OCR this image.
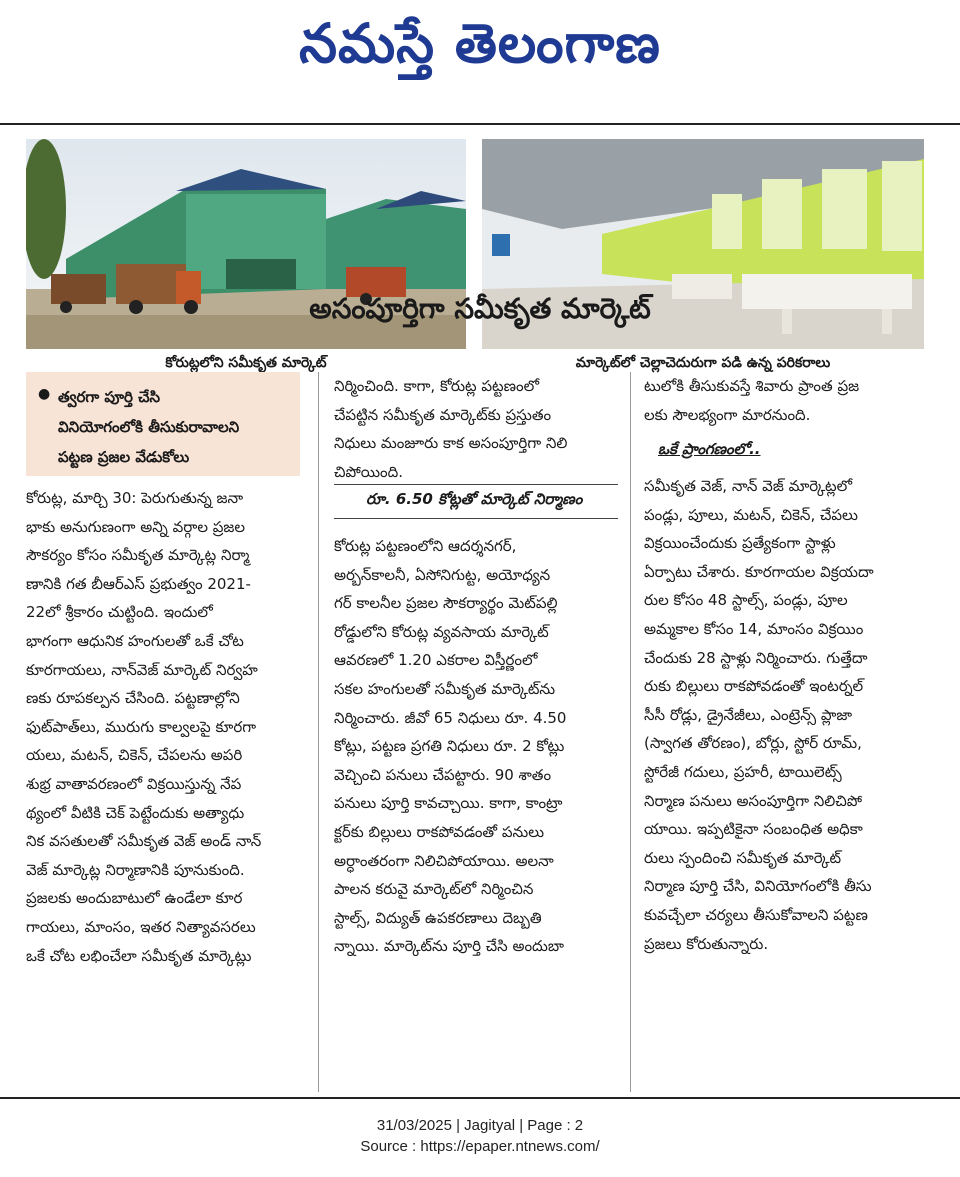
నమస్తే తెలంగాణ
కోరుట్లలోని సమీకృత మార్కెట్	మార్కెట్‌లో చెల్లాచెదురుగా పడి ఉన్న పరికరాలు
అసంపూర్తిగా సమీకృత మార్కెట్
● త్వరగా పూర్తి చేసి
వినియోగంలోకి తీసుకురావాలని
పట్టణ ప్రజల వేడుకోలు

కోరుట్ల, మార్చి 30: పెరుగుతున్న జనా

భాకు అనుగుణంగా అన్ని వర్గాల ప్రజల

సౌకర్యం కోసం సమీకృత మార్కెట్ల నిర్మా

ణానికి గత బీఆర్‌ఎస్ ప్రభుత్వం 2021-

22లో శ్రీకారం చుట్టింది. ఇందులో

భాగంగా ఆధునిక హంగులతో ఒకే చోట

కూరగాయలు, నాన్‌వెజ్ మార్కెట్ నిర్వహ

ణకు రూపకల్పన చేసింది. పట్టణాల్లోని

ఫుట్‌పాత్‌లు, మురుగు కాల్వలపై కూరగా

యలు, మటన్, చికెన్, చేపలను అపరి

శుభ్ర వాతావరణంలో విక్రయిస్తున్న నేప

థ్యంలో వీటికి చెక్ పెట్టేందుకు అత్యాధు

నిక వసతులతో సమీకృత వెజ్ అండ్ నాన్

వెజ్ మార్కెట్ల నిర్మాణానికి పూనుకుంది.

ప్రజలకు అందుబాటులో ఉండేలా కూర

గాయలు, మాంసం, ఇతర నిత్యావసరలు

ఒకే చోట లభించేలా సమీకృత మార్కెట్లు

నిర్మించింది. కాగా, కోరుట్ల పట్టణంలో

చేపట్టిన సమీకృత మార్కెట్‌కు ప్రస్తుతం

నిధులు మంజూరు కాక అసంపూర్తిగా నిలి

చిపోయింది.

రూ. 6.50 కోట్లతో మార్కెట్ నిర్మాణం

కోరుట్ల పట్టణంలోని ఆదర్శనగర్,

అర్బన్‌కాలనీ, ఏసోనిగుట్ట, అయోధ్యన

గర్ కాలనీల ప్రజల సౌకర్యార్థం మెట్‌పల్లి

రోడ్డులోని కోరుట్ల వ్యవసాయ మార్కెట్

ఆవరణలో 1.20 ఎకరాల విస్తీర్ణంలో

సకల హంగులతో సమీకృత మార్కెట్‌ను

నిర్మించారు. జీవో 65 నిధులు రూ. 4.50

కోట్లు, పట్టణ ప్రగతి నిధులు రూ. 2 కోట్లు

వెచ్చించి పనులు చేపట్టారు. 90 శాతం

పనులు పూర్తి కావచ్చాయి. కాగా, కాంట్రా

క్టర్‌కు బిల్లులు రాకపోవడంతో పనులు

అర్ధాంతరంగా నిలిచిపోయాయి. అలనా

పాలన కరువై మార్కెట్‌లో నిర్మించిన

స్టాల్స్, విద్యుత్ ఉపకరణాలు దెబ్బతి

న్నాయి. మార్కెట్‌ను పూర్తి చేసి అందుబా

టులోకి తీసుకువస్తే శివారు ప్రాంత ప్రజ

లకు సౌలభ్యంగా మారనుంది.

ఒకే ప్రాంగణంలో..

సమీకృత వెజ్, నాన్ వెజ్ మార్కెట్లలో

పండ్లు, పూలు, మటన్, చికెన్, చేపలు

విక్రయించేందుకు ప్రత్యేకంగా స్టాళ్లు

ఏర్పాటు చేశారు. కూరగాయల విక్రయదా

రుల కోసం 48 స్టాల్స్, పండ్లు, పూల

అమ్మకాల కోసం 14, మాంసం విక్రయిం

చేందుకు 28 స్టాళ్లు నిర్మించారు. గుత్తేదా

రుకు బిల్లులు రాకపోవడంతో ఇంటర్నల్

సీసీ రోడ్లు, డ్రైనేజీలు, ఎంట్రెన్స్ ప్లాజా

(స్వాగత తోరణం), బోర్లు, స్టోర్ రూమ్,

స్టోరేజీ గదులు, ప్రహరీ, టాయిలెట్స్

నిర్మాణ పనులు అసంపూర్తిగా నిలిచిపో

యాయి. ఇప్పటికైనా సంబంధిత అధికా

రులు స్పందించి సమీకృత మార్కెట్

నిర్మాణ పూర్తి చేసి, వినియోగంలోకి తీసు

కువచ్చేలా చర్యలు తీసుకోవాలని పట్టణ

ప్రజలు కోరుతున్నారు.

31/03/2025 | Jagityal | Page : 2
Source : https://epaper.ntnews.com/
